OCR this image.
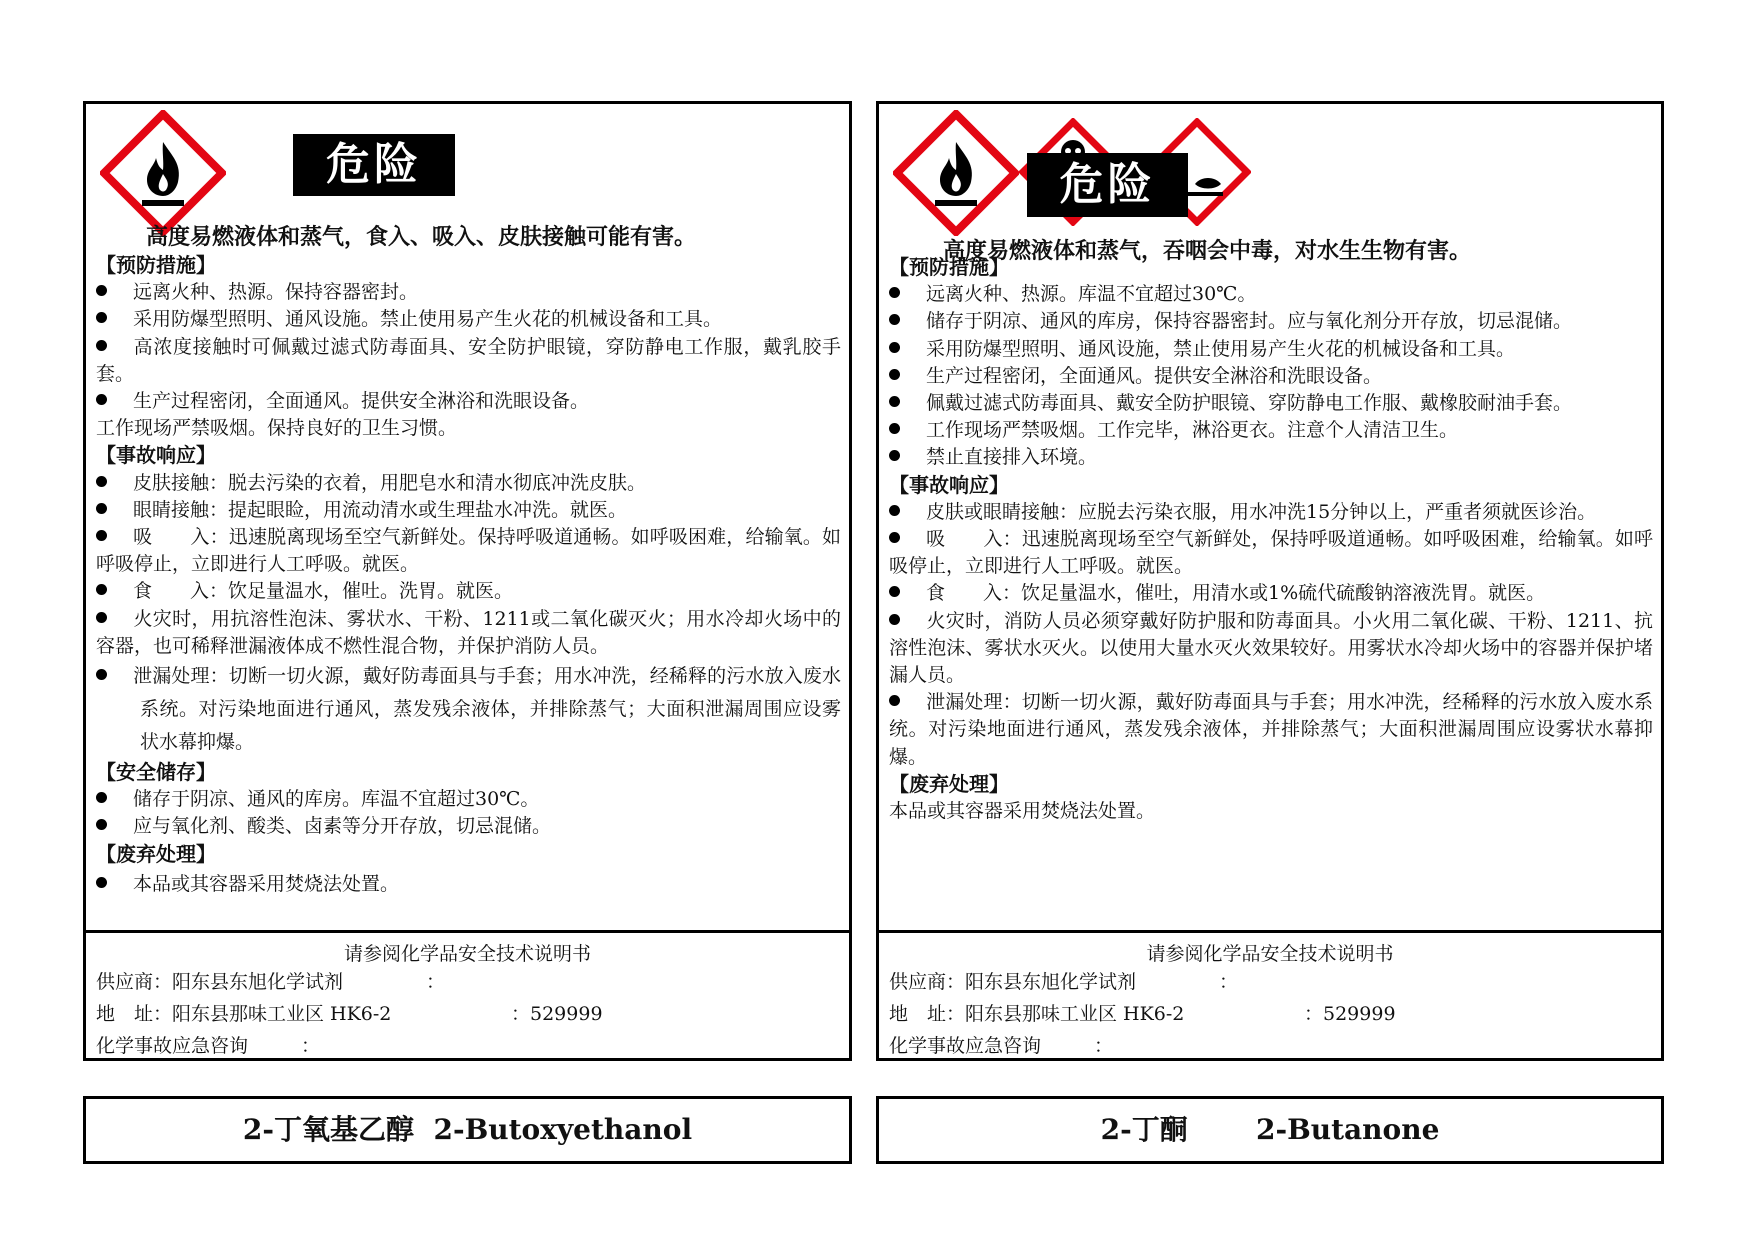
危险
高度易燃液体和蒸气，食入、吸入、皮肤接触可能有害。
【预防措施】
远离火种、热源。保持容器密封。
采用防爆型照明、通风设施。禁止使用易产生火花的机械设备和工具。
高浓度接触时可佩戴过滤式防毒面具、安全防护眼镜，穿防静电工作服，戴乳胶手套。
生产过程密闭，全面通风。提供安全淋浴和洗眼设备。
工作现场严禁吸烟。保持良好的卫生习惯。
【事故响应】
皮肤接触：脱去污染的衣着，用肥皂水和清水彻底冲洗皮肤。
眼睛接触：提起眼睑，用流动清水或生理盐水冲洗。就医。
吸　　入：迅速脱离现场至空气新鲜处。保持呼吸道通畅。如呼吸困难，给输氧。如呼吸停止，立即进行人工呼吸。就医。
食　　入：饮足量温水，催吐。洗胃。就医。
火灾时，用抗溶性泡沫、雾状水、干粉、1211或二氧化碳灭火；用水冷却火场中的容器，也可稀释泄漏液体成不燃性混合物，并保护消防人员。
泄漏处理：切断一切火源，戴好防毒面具与手套；用水冲洗，经稀释的污水放入废水系统。对污染地面进行通风，蒸发残余液体，并排除蒸气；大面积泄漏周围应设雾状水幕抑爆。
【安全储存】
储存于阴凉、通风的库房。库温不宜超过30℃。
应与氧化剂、酸类、卤素等分开存放，切忌混储。
【废弃处理】
本品或其容器采用焚烧法处置。
请参阅化学品安全技术说明书
供应商：阳东县东旭化学试剂	：
地　址：阳东县那味工业区 HK6-2	：529999
化学事故应急咨询	：
2-丁氧基乙醇 2-Butoxyethanol
危险
高度易燃液体和蒸气，吞咽会中毒，对水生生物有害。
【预防措施】
远离火种、热源。库温不宜超过30℃。
储存于阴凉、通风的库房，保持容器密封。应与氧化剂分开存放，切忌混储。
采用防爆型照明、通风设施，禁止使用易产生火花的机械设备和工具。
生产过程密闭，全面通风。提供安全淋浴和洗眼设备。
佩戴过滤式防毒面具、戴安全防护眼镜、穿防静电工作服、戴橡胶耐油手套。
工作现场严禁吸烟。工作完毕，淋浴更衣。注意个人清洁卫生。
禁止直接排入环境。
【事故响应】
皮肤或眼睛接触：应脱去污染衣服，用水冲洗15分钟以上，严重者须就医诊治。
吸　　入：迅速脱离现场至空气新鲜处，保持呼吸道通畅。如呼吸困难，给输氧。如呼吸停止，立即进行人工呼吸。就医。
食　　入：饮足量温水，催吐，用清水或1%硫代硫酸钠溶液洗胃。就医。
火灾时，消防人员必须穿戴好防护服和防毒面具。小火用二氧化碳、干粉、1211、抗溶性泡沫、雾状水灭火。以使用大量水灭火效果较好。用雾状水冷却火场中的容器并保护堵漏人员。
泄漏处理：切断一切火源，戴好防毒面具与手套；用水冲洗，经稀释的污水放入废水系统。对污染地面进行通风，蒸发残余液体，并排除蒸气；大面积泄漏周围应设雾状水幕抑爆。
【废弃处理】
本品或其容器采用焚烧法处置。
请参阅化学品安全技术说明书
供应商：阳东县东旭化学试剂	：
地　址：阳东县那味工业区 HK6-2	：529999
化学事故应急咨询	：
2-丁酮 2-Butanone
